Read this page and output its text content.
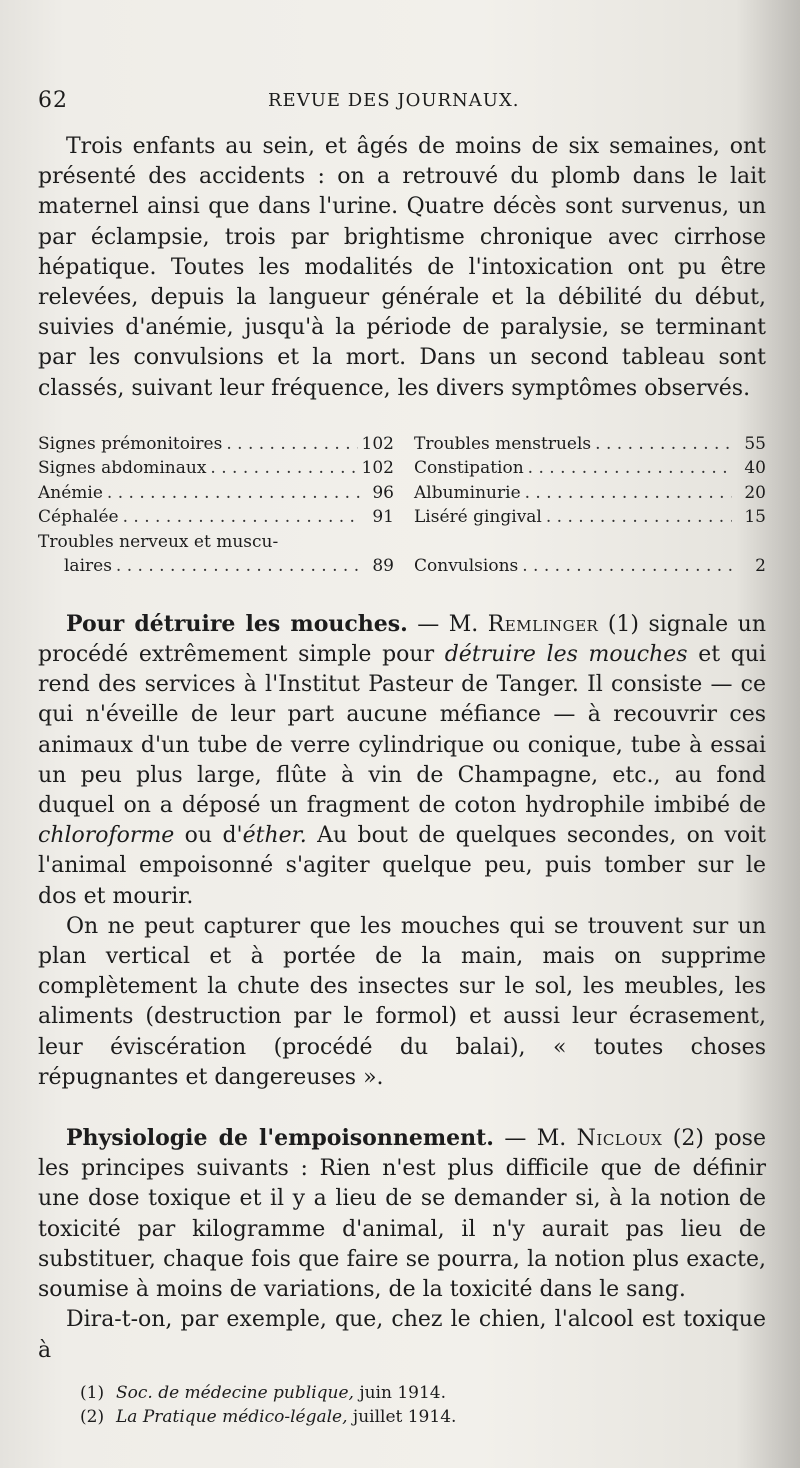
62	REVUE DES JOURNAUX.

Trois enfants au sein, et âgés de moins de six semaines, ont présenté des accidents : on a retrouvé du plomb dans le lait maternel ainsi que dans l'urine. Quatre décès sont survenus, un par éclampsie, trois par brightisme chronique avec cirrhose hépatique. Toutes les modalités de l'intoxication ont pu être relevées, depuis la langueur générale et la débilité du début, suivies d'anémie, jusqu'à la période de paralysie, se terminant par les convulsions et la mort. Dans un second tableau sont classés, suivant leur fréquence, les divers symptômes observés.

Signes prémonitoires . . .	102
Signes abdominaux . . .	102
Anémie . . .	96
Céphalée . . .	91
Troubles nerveux et muscu-
laires . . .	89
Troubles menstruels . . .	55
Constipation . . .	40
Albuminurie . . .	20
Liséré gingival . . .	15
Convulsions . . .	2

Pour détruire les mouches. — M. Remlinger (1) signale un procédé extrêmement simple pour détruire les mouches et qui rend des services à l'Institut Pasteur de Tanger. Il consiste — ce qui n'éveille de leur part aucune méfiance — à recouvrir ces animaux d'un tube de verre cylindrique ou conique, tube à essai un peu plus large, flûte à vin de Champagne, etc., au fond duquel on a déposé un fragment de coton hydrophile imbibé de chloroforme ou d'éther. Au bout de quelques secondes, on voit l'animal empoisonné s'agiter quelque peu, puis tomber sur le dos et mourir.

On ne peut capturer que les mouches qui se trouvent sur un plan vertical et à portée de la main, mais on supprime complètement la chute des insectes sur le sol, les meubles, les aliments (destruction par le formol) et aussi leur écrasement, leur éviscération (procédé du balai), « toutes choses répugnantes et dangereuses ».

Physiologie de l'empoisonnement. — M. Nicloux (2) pose les principes suivants : Rien n'est plus difficile que de définir une dose toxique et il y a lieu de se demander si, à la notion de toxicité par kilogramme d'animal, il n'y aurait pas lieu de substituer, chaque fois que faire se pourra, la notion plus exacte, soumise à moins de variations, de la toxicité dans le sang.

Dira-t-on, par exemple, que, chez le chien, l'alcool est toxique à

(1) Soc. de médecine publique, juin 1914.
(2) La Pratique médico-légale, juillet 1914.
